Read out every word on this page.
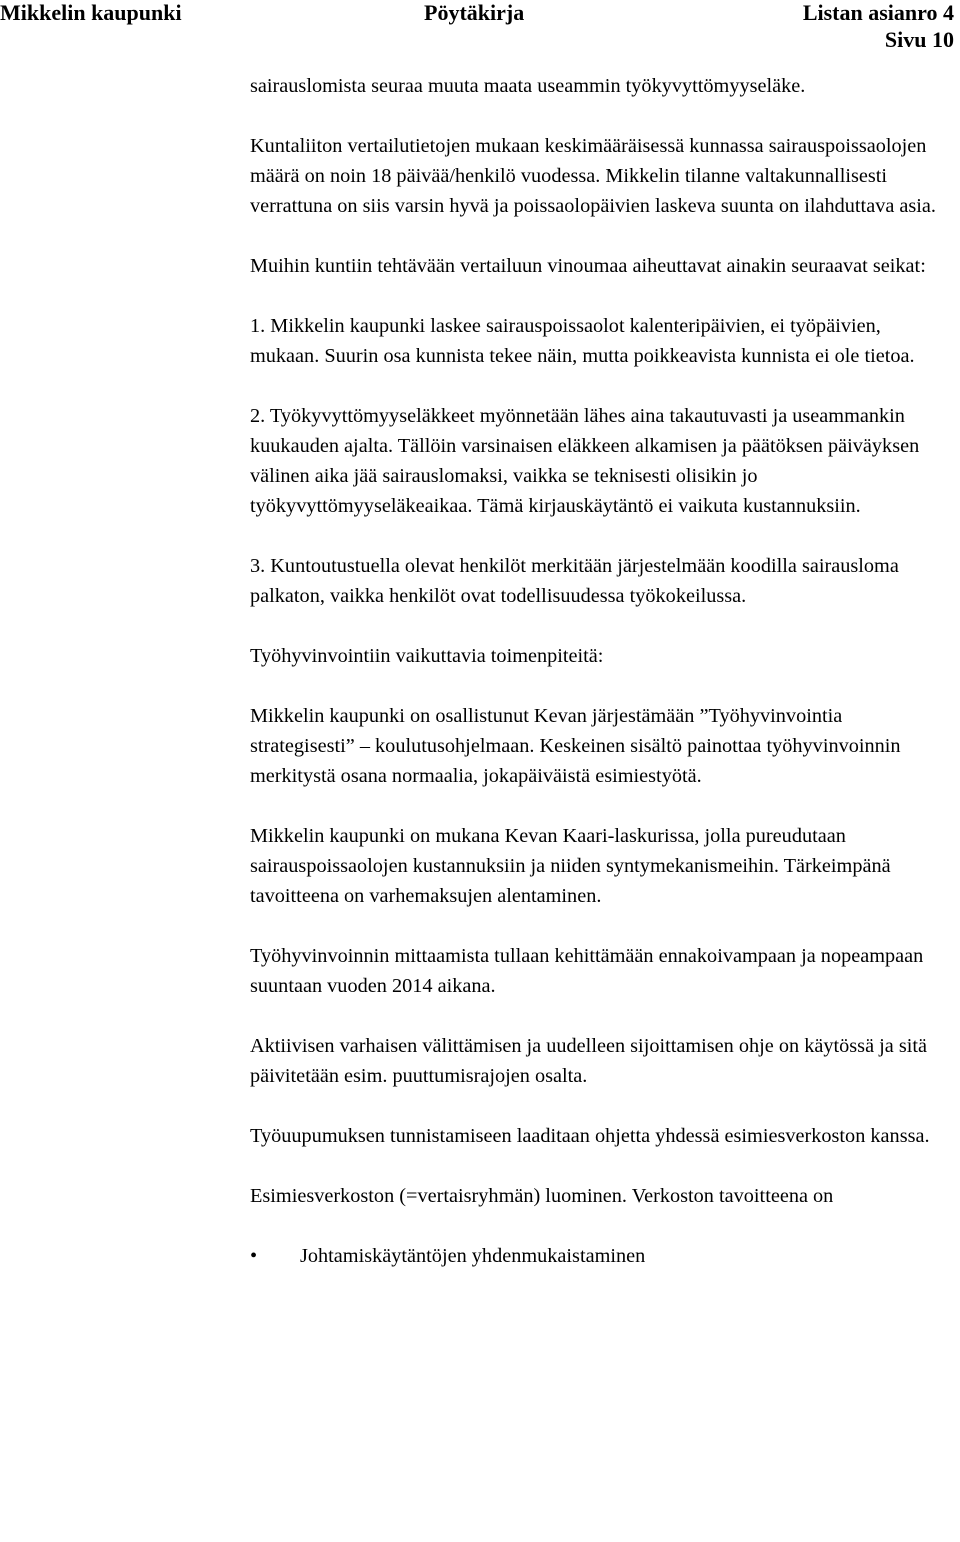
Mikkelin kaupunki	Pöytäkirja	Listan asianro 4
Sivu 10

sairauslomista seuraa muuta maata useammin työkyvyttömyyseläke.

Kuntaliiton vertailutietojen mukaan keskimääräisessä kunnassa sairauspoissaolojen määrä on noin 18 päivää/henkilö vuodessa. Mikkelin tilanne valtakunnallisesti verrattuna on siis varsin hyvä ja poissaolopäivien laskeva suunta on ilahduttava asia.

Muihin kuntiin tehtävään vertailuun vinoumaa aiheuttavat ainakin seuraavat seikat:

1. Mikkelin kaupunki laskee sairauspoissaolot kalenteripäivien, ei työpäivien, mukaan. Suurin osa kunnista tekee näin, mutta poikkeavista kunnista ei ole tietoa.

2. Työkyvyttömyyseläkkeet myönnetään lähes aina takautuvasti ja useammankin kuukauden ajalta. Tällöin varsinaisen eläkkeen alkamisen ja päätöksen päiväyksen välinen aika jää sairauslomaksi, vaikka se teknisesti olisikin jo työkyvyttömyyseläkeaikaa. Tämä kirjauskäytäntö ei vaikuta kustannuksiin.

3. Kuntoutustuella olevat henkilöt merkitään järjestelmään koodilla sairausloma palkaton, vaikka henkilöt ovat todellisuudessa työkokeilussa.

Työhyvinvointiin vaikuttavia toimenpiteitä:

Mikkelin kaupunki on osallistunut Kevan järjestämään ”Työhyvinvointia strategisesti” – koulutusohjelmaan. Keskeinen sisältö painottaa työhyvinvoinnin merkitystä osana normaalia, jokapäiväistä esimiestyötä.

Mikkelin kaupunki on mukana Kevan Kaari-laskurissa, jolla pureudutaan sairauspoissaolojen kustannuksiin ja niiden syntymekanismeihin. Tärkeimpänä tavoitteena on varhemaksujen alentaminen.

Työhyvinvoinnin mittaamista tullaan kehittämään ennakoivampaan ja nopeampaan suuntaan vuoden 2014 aikana.

Aktiivisen varhaisen välittämisen ja uudelleen sijoittamisen ohje on käytössä ja sitä päivitetään esim. puuttumisrajojen osalta.

Työuupumuksen tunnistamiseen laaditaan ohjetta yhdessä esimiesverkoston kanssa.

Esimiesverkoston (=vertaisryhmän) luominen. Verkoston tavoitteena on

•	Johtamiskäytäntöjen yhdenmukaistaminen
